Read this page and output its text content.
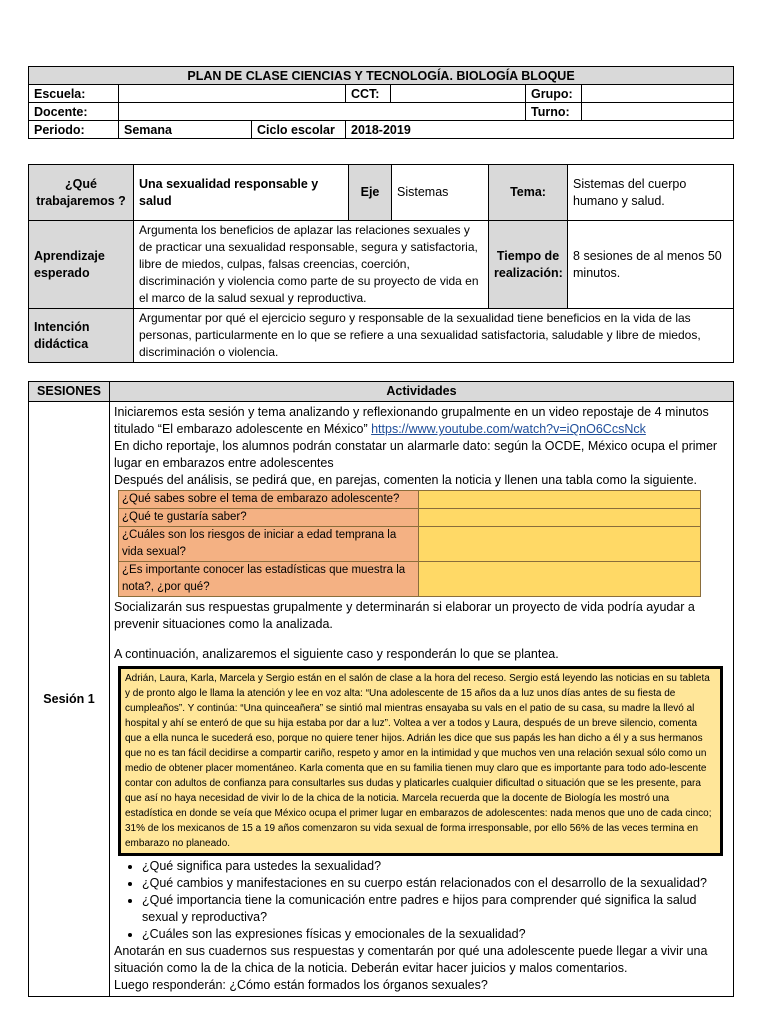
PLAN DE CLASE CIENCIAS Y TECNOLOGÍA. BIOLOGÍA BLOQUE						
Escuela:			CCT:		Grupo:	
Docente:					Turno:	
Periodo:	Semana	Ciclo escolar	2018-2019			
¿Qué trabajaremos ?	Una sexualidad responsable y salud	Eje	Sistemas	Tema:	Sistemas del cuerpo humano y salud.
Aprendizaje esperado	Argumenta los beneficios de aplazar las relaciones sexuales y de practicar una sexualidad responsable, segura y satisfactoria, libre de miedos, culpas, falsas creencias, coerción, discriminación y violencia como parte de su proyecto de vida en el marco de la salud sexual y reproductiva.			Tiempo de realización:	8 sesiones de al menos 50 minutos.
Intención didáctica	Argumentar por qué el ejercicio seguro y responsable de la sexualidad tiene beneficios en la vida de las personas, particularmente en lo que se refiere a una sexualidad satisfactoria, saludable y libre de miedos, discriminación o violencia.				
SESIONES	Actividades
Sesión 1	

Iniciaremos esta sesión y tema analizando y reflexionando grupalmente en un video repostaje de 4 minutos titulado “El embarazo adolescente en México” https://www.youtube.com/watch?v=iQnO6CcsNck

En dicho reportaje, los alumnos podrán constatar un alarmarle dato: según la OCDE, México ocupa el primer lugar en embarazos entre adolescentes

Después del análisis, se pedirá que, en parejas, comenten la noticia y llenen una tabla como la siguiente.

¿Qué sabes sobre el tema de embarazo adolescente?	
¿Qué te gustaría saber?	
¿Cuáles son los riesgos de iniciar a edad temprana la vida sexual?	
¿Es importante conocer las estadísticas que muestra la nota?, ¿por qué?	

Socializarán sus respuestas grupalmente y determinarán si elaborar un proyecto de vida podría ayudar a prevenir situaciones como la analizada.

A continuación, analizaremos el siguiente caso y responderán lo que se plantea.

Adrián, Laura, Karla, Marcela y Sergio están en el salón de clase a la hora del receso. Sergio está leyendo las noticias en su tableta y de pronto algo le llama la atención y lee en voz alta: “Una adolescente de 15 años da a luz unos días antes de su fiesta de cumpleaños”. Y continúa: “Una quinceañera” se sintió mal mientras ensayaba su vals en el patio de su casa, su madre la llevó al hospital y ahí se enteró de que su hija estaba por dar a luz”. Voltea a ver a todos y Laura, después de un breve silencio, comenta que a ella nunca le sucederá eso, porque no quiere tener hijos. Adrián les dice que sus papás les han dicho a él y a sus hermanos que no es tan fácil decidirse a compartir cariño, respeto y amor en la intimidad y que muchos ven una relación sexual sólo como un medio de obtener placer momentáneo. Karla comenta que en su familia tienen muy claro que es importante para todo ado-lescente contar con adultos de confianza para consultarles sus dudas y platicarles cualquier dificultad o situación que se les presente, para que así no haya necesidad de vivir lo de la chica de la noticia. Marcela recuerda que la docente de Biología les mostró una estadística en donde se veía que México ocupa el primer lugar en embarazos de adolescentes: nada menos que uno de cada cinco; 31% de los mexicanos de 15 a 19 años comenzaron su vida sexual de forma irresponsable, por ello 56% de las veces termina en embarazo no planeado.
• ¿Qué significa para ustedes la sexualidad?
• ¿Qué cambios y manifestaciones en su cuerpo están relacionados con el desarrollo de la sexualidad?
• ¿Qué importancia tiene la comunicación entre padres e hijos para comprender qué significa la salud sexual y reproductiva?
• ¿Cuáles son las expresiones físicas y emocionales de la sexualidad?

Anotarán en sus cuadernos sus respuestas y comentarán por qué una adolescente puede llegar a vivir una situación como la de la chica de la noticia. Deberán evitar hacer juicios y malos comentarios.

Luego responderán: ¿Cómo están formados los órganos sexuales?
